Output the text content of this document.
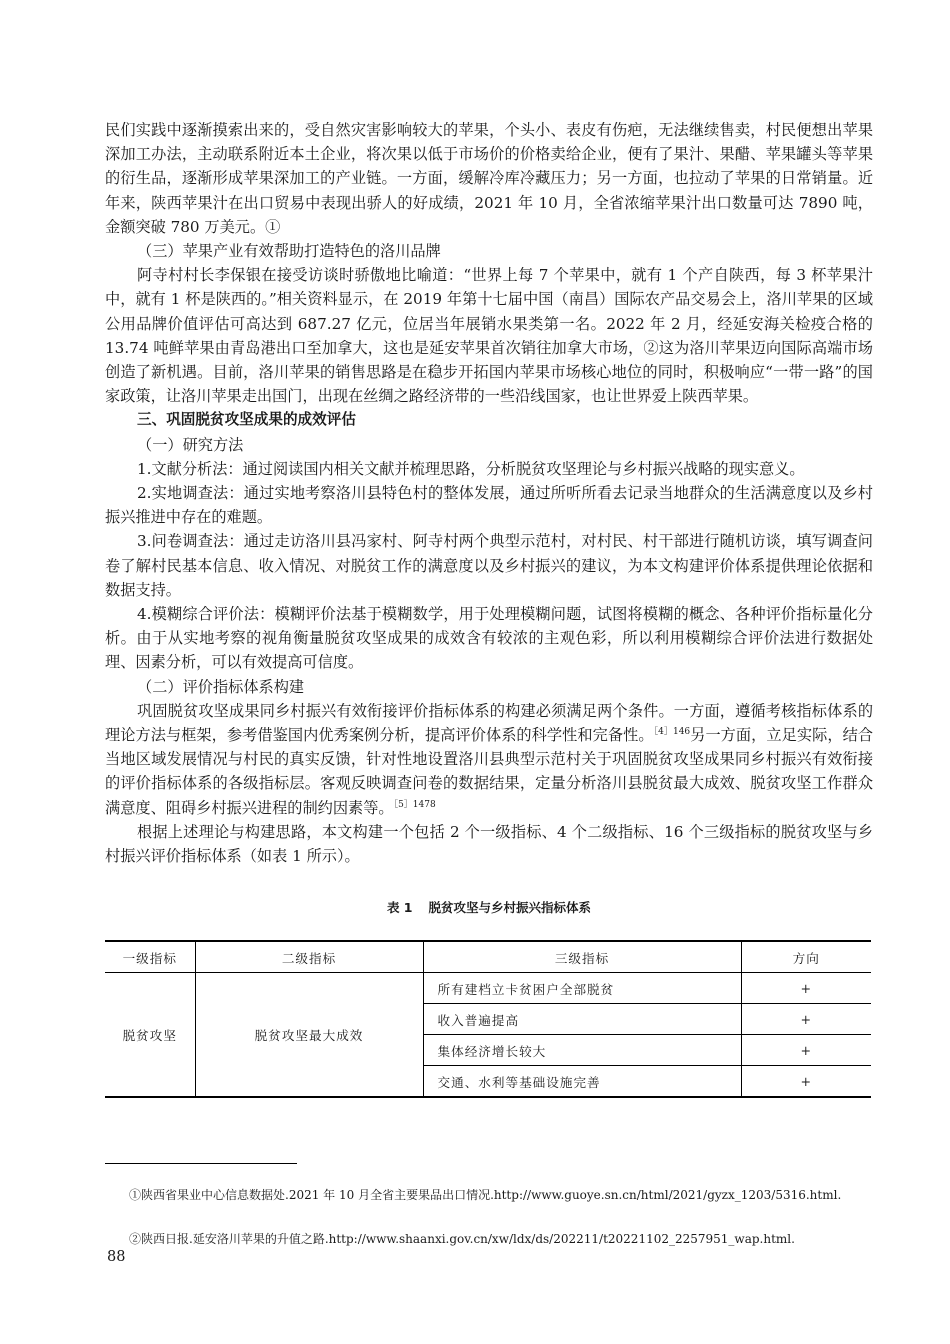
民们实践中逐渐摸索出来的，受自然灾害影响较大的苹果，个头小、表皮有伤疤，无法继续售卖，村民便想出苹果深加工办法，主动联系附近本土企业，将次果以低于市场价的价格卖给企业，便有了果汁、果醋、苹果罐头等苹果的衍生品，逐渐形成苹果深加工的产业链。一方面，缓解冷库冷藏压力；另一方面，也拉动了苹果的日常销量。近年来，陕西苹果汁在出口贸易中表现出骄人的好成绩，2021 年 10 月，全省浓缩苹果汁出口数量可达 7890 吨，金额突破 780 万美元。①

（三）苹果产业有效帮助打造特色的洛川品牌

阿寺村村长李保银在接受访谈时骄傲地比喻道：“世界上每 7 个苹果中，就有 1 个产自陕西，每 3 杯苹果汁中，就有 1 杯是陕西的。”相关资料显示，在 2019 年第十七届中国（南昌）国际农产品交易会上，洛川苹果的区域公用品牌价值评估可高达到 687.27 亿元，位居当年展销水果类第一名。2022 年 2 月，经延安海关检疫合格的 13.74 吨鲜苹果由青岛港出口至加拿大，这也是延安苹果首次销往加拿大市场，②这为洛川苹果迈向国际高端市场创造了新机遇。目前，洛川苹果的销售思路是在稳步开拓国内苹果市场核心地位的同时，积极响应“一带一路”的国家政策，让洛川苹果走出国门，出现在丝绸之路经济带的一些沿线国家，也让世界爱上陕西苹果。

三、巩固脱贫攻坚成果的成效评估

（一）研究方法

1.文献分析法：通过阅读国内相关文献并梳理思路，分析脱贫攻坚理论与乡村振兴战略的现实意义。

2.实地调查法：通过实地考察洛川县特色村的整体发展，通过所听所看去记录当地群众的生活满意度以及乡村振兴推进中存在的难题。

3.问卷调查法：通过走访洛川县冯家村、阿寺村两个典型示范村，对村民、村干部进行随机访谈，填写调查问卷了解村民基本信息、收入情况、对脱贫工作的满意度以及乡村振兴的建议，为本文构建评价体系提供理论依据和数据支持。

4.模糊综合评价法：模糊评价法基于模糊数学，用于处理模糊问题，试图将模糊的概念、各种评价指标量化分析。由于从实地考察的视角衡量脱贫攻坚成果的成效含有较浓的主观色彩，所以利用模糊综合评价法进行数据处理、因素分析，可以有效提高可信度。

（二）评价指标体系构建

巩固脱贫攻坚成果同乡村振兴有效衔接评价指标体系的构建必须满足两个条件。一方面，遵循考核指标体系的理论方法与框架，参考借鉴国内优秀案例分析，提高评价体系的科学性和完备性。$^{[4]146}$另一方面，立足实际，结合当地区域发展情况与村民的真实反馈，针对性地设置洛川县典型示范村关于巩固脱贫攻坚成果同乡村振兴有效衔接的评价指标体系的各级指标层。客观反映调查问卷的数据结果，定量分析洛川县脱贫最大成效、脱贫攻坚工作群众满意度、阻碍乡村振兴进程的制约因素等。$^{[5]1478}$

根据上述理论与构建思路，本文构建一个包括 2 个一级指标、4 个二级指标、16 个三级指标的脱贫攻坚与乡村振兴评价指标体系（如表 1 所示）。

表 1 脱贫攻坚与乡村振兴指标体系
一级指标	二级指标	三级指标	方向
脱贫攻坚	脱贫攻坚最大成效	所有建档立卡贫困户全部脱贫	+
		收入普遍提高	+
		集体经济增长较大	+
		交通、水利等基础设施完善	+
①陕西省果业中心信息数据处.2021 年 10 月全省主要果品出口情况.http://www.guoye.sn.cn/html/2021/gyzx_1203/5316.html.
②陕西日报.延安洛川苹果的升值之路.http://www.shaanxi.gov.cn/xw/ldx/ds/202211/t20221102_2257951_wap.html.
88
